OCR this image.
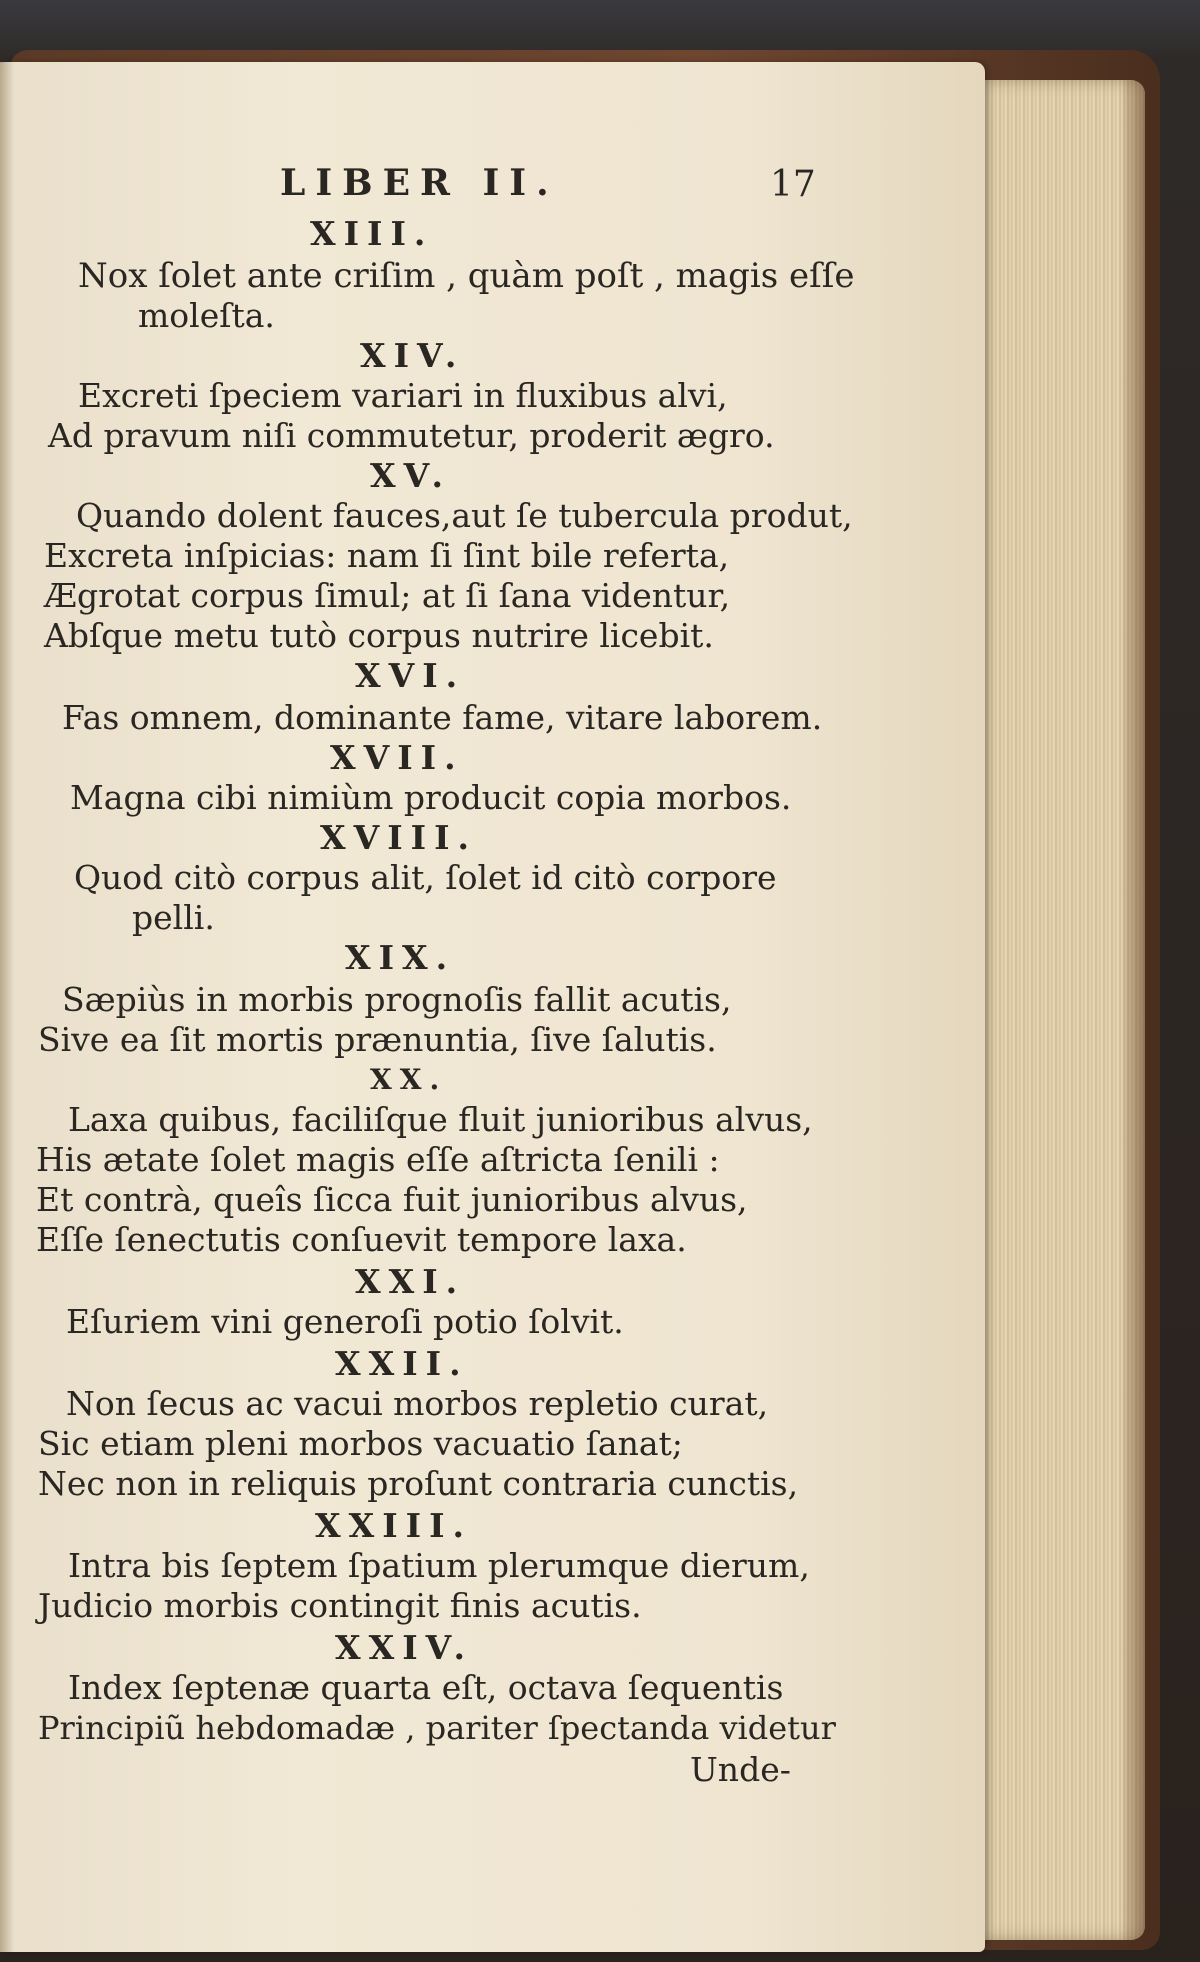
LIBER II.	17
XIII.
Nox ſolet ante criſim , quàm poſt , magis eſſe
moleſta.
XIV.
Excreti ſpeciem variari in fluxibus alvi,
Ad pravum niſi commutetur, proderit ægro.
XV.
Quando dolent fauces,aut ſe tubercula produt,
Excreta inſpicias: nam ſi ſint bile referta,
Ægrotat corpus ſimul; at ſi ſana videntur,
Abſque metu tutò corpus nutrire licebit.
XVI.
Fas omnem, dominante fame, vitare laborem.
XVII.
Magna cibi nimiùm producit copia morbos.
XVIII.
Quod citò corpus alit, ſolet id citò corpore
pelli.
XIX.
Sæpiùs in morbis prognoſis fallit acutis,
Sive ea ſit mortis prænuntia, ſive ſalutis.
XX.
Laxa quibus, faciliſque fluit junioribus alvus,
His ætate ſolet magis eſſe aſtricta ſenili :
Et contrà, queîs ſicca fuit junioribus alvus,
Eſſe ſenectutis conſuevit tempore laxa.
XXI.
Eſuriem vini generoſi potio ſolvit.
XXII.
Non ſecus ac vacui morbos repletio curat,
Sic etiam pleni morbos vacuatio ſanat;
Nec non in reliquis proſunt contraria cunctis,
XXIII.
Intra bis ſeptem ſpatium plerumque dierum,
Judicio morbis contingit finis acutis.
XXIV.
Index ſeptenæ quarta eſt, octava ſequentis
Principiũ hebdomadæ , pariter ſpectanda videtur
Unde-
